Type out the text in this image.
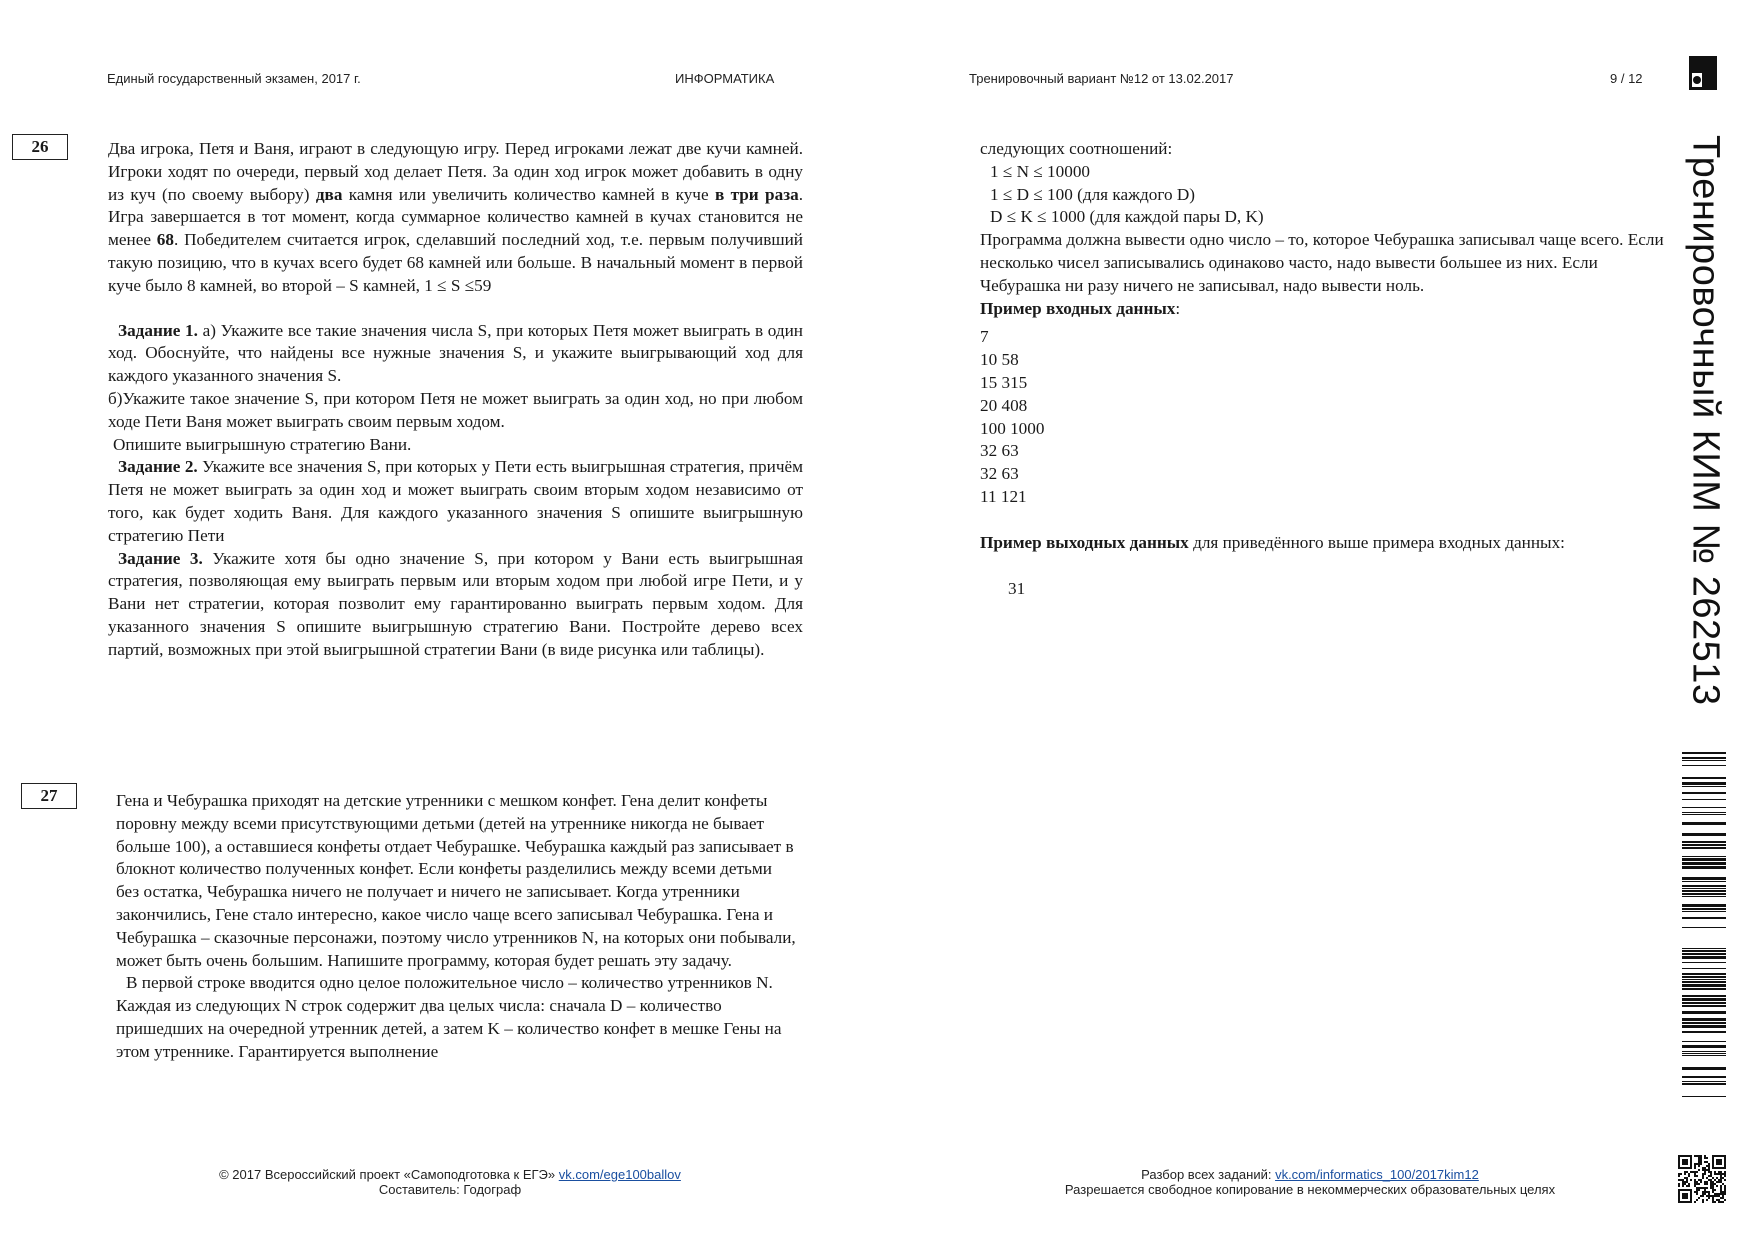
Единый государственный экзамен, 2017 г.	ИНФОРМАТИКА	Тренировочный вариант №12 от 13.02.2017	9 / 12
Тренировочный КИМ № 262513
26	Два игрока, Петя и Ваня, играют в следующую игру. Перед игроками лежат две кучи камней. Игроки ходят по очереди, первый ход делает Петя. За один ход игрок может добавить в одну из куч (по своему выбору) два камня или увеличить количество камней в куче в три раза. Игра завершается в тот момент, когда суммарное количество камней в кучах становится не менее 68. Победителем считается игрок, сделавший последний ход, т.е. первым получивший такую позицию, что в кучах всего будет 68 камней или больше. В начальный момент в первой куче было 8 камней, во второй – S камней, 1 ≤ S ≤59

Задание 1. а) Укажите все такие значения числа S, при которых Петя может выиграть в один ход. Обоснуйте, что найдены все нужные значения S, и укажите выигрывающий ход для каждого указанного значения S.

б)Укажите такое значение S, при котором Петя не может выиграть за один ход, но при любом ходе Пети Ваня может выиграть своим первым ходом.

Опишите выигрышную стратегию Вани.

Задание 2. Укажите все значения S, при которых у Пети есть выигрышная стратегия, причём Петя не может выиграть за один ход и может выиграть своим вторым ходом независимо от того, как будет ходить Ваня. Для каждого указанного значения S опишите выигрышную стратегию Пети

Задание 3. Укажите хотя бы одно значение S, при котором у Вани есть выигрышная стратегия, позволяющая ему выиграть первым или вторым ходом при любой игре Пети, и у Вани нет стратегии, которая позволит ему гарантированно выиграть первым ходом. Для указанного значения S опишите выигрышную стратегию Вани. Постройте дерево всех партий, возможных при этой выигрышной стратегии Вани (в виде рисунка или таблицы).

27	Гена и Чебурашка приходят на детские утренники с мешком конфет. Гена делит конфеты поровну между всеми присутствующими детьми (детей на утреннике никогда не бывает больше 100), а оставшиеся конфеты отдает Чебурашке. Чебурашка каждый раз записывает в блокнот количество полученных конфет. Если конфеты разделились между всеми детьми без остатка, Чебурашка ничего не получает и ничего не записывает. Когда утренники закончились, Гене стало интересно, какое число чаще всего записывал Чебурашка. Гена и Чебурашка – сказочные персонажи, поэтому число утренников N, на которых они побывали, может быть очень большим. Напишите программу, которая будет решать эту задачу.

В первой строке вводится одно целое положительное число – количество утренников N.

Каждая из следующих N строк содержит два целых числа: сначала D – количество пришедших на очередной утренник детей, а затем K – количество конфет в мешке Гены на этом утреннике. Гарантируется выполнение

следующих соотношений:

1 ≤ N ≤ 10000

1 ≤ D ≤ 100 (для каждого D)

D ≤ K ≤ 1000 (для каждой пары D, K)

Программа должна вывести одно число – то, которое Чебурашка записывал чаще всего. Если несколько чисел записывались одинаково часто, надо вывести большее из них. Если Чебурашка ни разу ничего не записывал, надо вывести ноль.

Пример входных данных:

7

10 58

15 315

20 408

100 1000

32 63

32 63

11 121

Пример выходных данных для приведённого выше примера входных данных:

31

© 2017 Всероссийский проект «Самоподготовка к ЕГЭ» vk.com/ege100ballov
Составитель: Годограф
Разбор всех заданий: vk.com/informatics_100/2017kim12
Разрешается свободное копирование в некоммерческих образовательных целях
